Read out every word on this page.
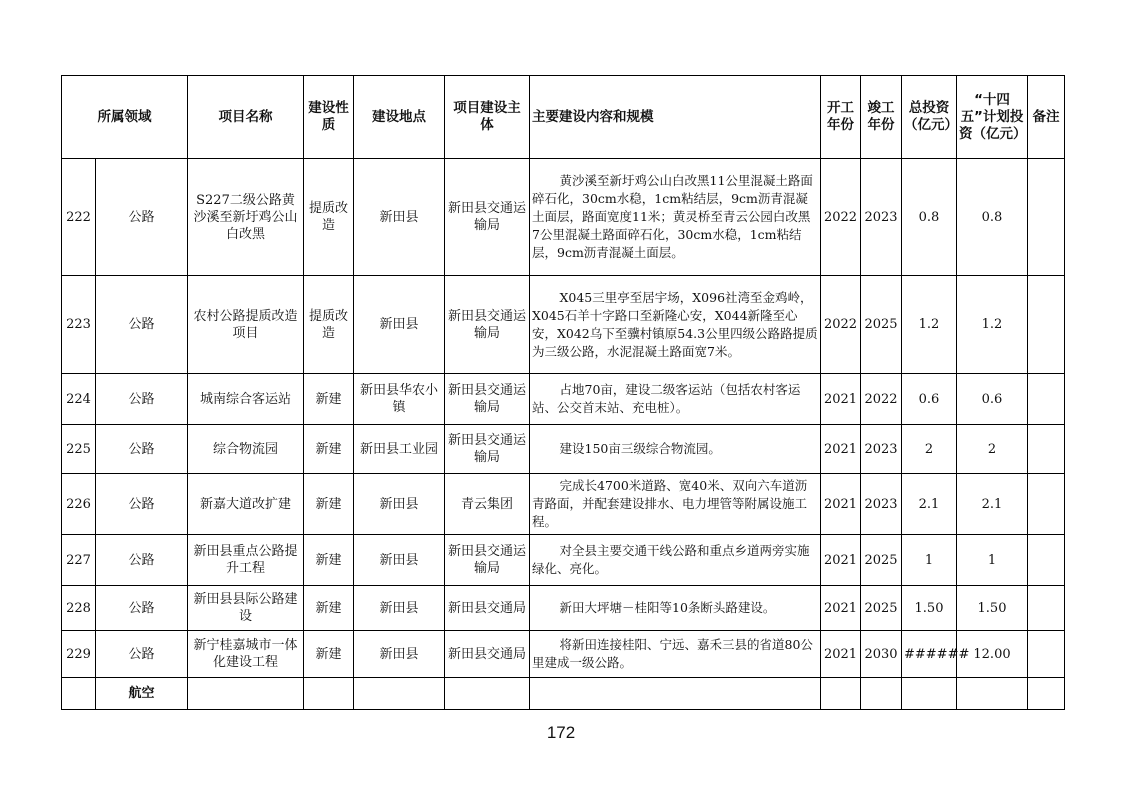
所属领域		项目名称	建设性质	建设地点	项目建设主体	主要建设内容和规模	开工年份	竣工年份	总投资（亿元）	“十四五”计划投资（亿元）	备注
222	公路	S227二级公路黄沙溪至新圩鸡公山白改黑	提质改造	新田县	新田县交通运输局	黄沙溪至新圩鸡公山白改黑11公里混凝土路面碎石化，30cm水稳，1cm粘结层，9cm沥青混凝土面层，路面宽度11米；黄灵桥至青云公园白改黑7公里混凝土路面碎石化，30cm水稳，1cm粘结层，9cm沥青混凝土面层。	2022	2023	0.8	0.8	
223	公路	农村公路提质改造项目	提质改造	新田县	新田县交通运输局	X045三里亭至居宇场，X096社湾至金鸡岭，X045石羊十字路口至新隆心安，X044新隆至心安，X042乌下至骥村镇原54.3公里四级公路路提质为三级公路，水泥混凝土路面宽7米。	2022	2025	1.2	1.2	
224	公路	城南综合客运站	新建	新田县华农小镇	新田县交通运输局	占地70亩，建设二级客运站（包括农村客运站、公交首末站、充电桩）。	2021	2022	0.6	0.6	
225	公路	综合物流园	新建	新田县工业园	新田县交通运输局	建设150亩三级综合物流园。	2021	2023	2	2	
226	公路	新嘉大道改扩建	新建	新田县	青云集团	完成长4700米道路、宽40米、双向六车道沥青路面，并配套建设排水、电力埋管等附属设施工程。	2021	2023	2.1	2.1	
227	公路	新田县重点公路提升工程	新建	新田县	新田县交通运输局	对全县主要交通干线公路和重点乡道两旁实施绿化、亮化。	2021	2025	1	1	
228	公路	新田县县际公路建设	新建	新田县	新田县交通局	新田大坪塘－桂阳等10条断头路建设。	2021	2025	1.50	1.50	
229	公路	新宁桂嘉城市一体化建设工程	新建	新田县	新田县交通局	将新田连接桂阳、宁远、嘉禾三县的省道80公里建成一级公路。	2021	2030	######	12.00	
	航空										
172
